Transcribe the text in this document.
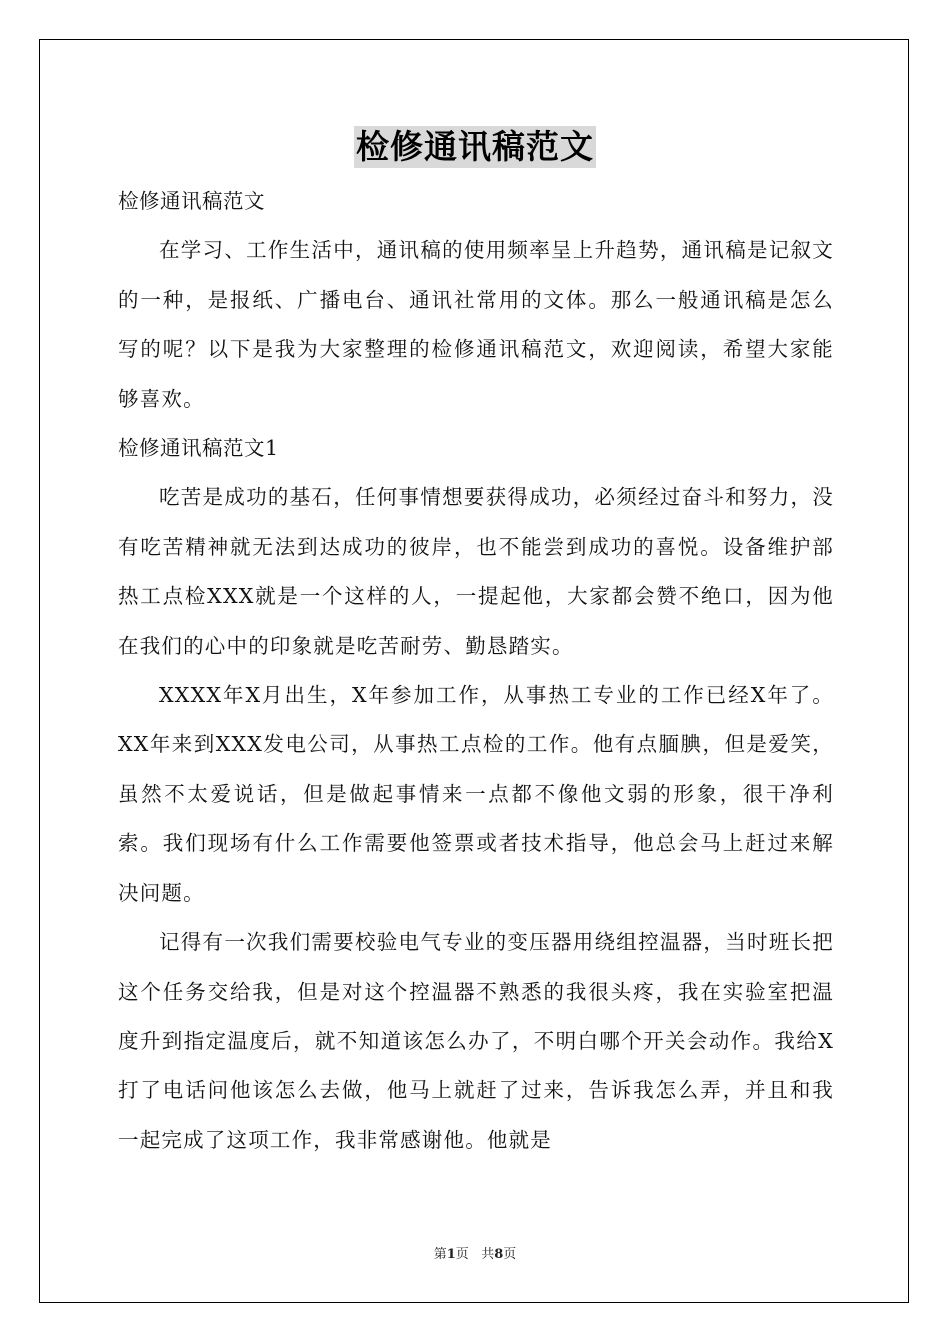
检修通讯稿范文

检修通讯稿范文

在学习、工作生活中，通讯稿的使用频率呈上升趋势，通讯稿是记叙文的一种，是报纸、广播电台、通讯社常用的文体。那么一般通讯稿是怎么写的呢？以下是我为大家整理的检修通讯稿范文，欢迎阅读，希望大家能够喜欢。

检修通讯稿范文1

吃苦是成功的基石，任何事情想要获得成功，必须经过奋斗和努力，没有吃苦精神就无法到达成功的彼岸，也不能尝到成功的喜悦。设备维护部热工点检XXX就是一个这样的人，一提起他，大家都会赞不绝口，因为他在我们的心中的印象就是吃苦耐劳、勤恳踏实。

XXXX年X月出生，X年参加工作，从事热工专业的工作已经X年了。XX年来到XXX发电公司，从事热工点检的工作。他有点腼腆，但是爱笑，虽然不太爱说话，但是做起事情来一点都不像他文弱的形象，很干净利索。我们现场有什么工作需要他签票或者技术指导，他总会马上赶过来解决问题。

记得有一次我们需要校验电气专业的变压器用绕组控温器，当时班长把这个任务交给我，但是对这个控温器不熟悉的我很头疼，我在实验室把温度升到指定温度后，就不知道该怎么办了，不明白哪个开关会动作。我给X打了电话问他该怎么去做，他马上就赶了过来，告诉我怎么弄，并且和我一起完成了这项工作，我非常感谢他。他就是

第1页 共8页
